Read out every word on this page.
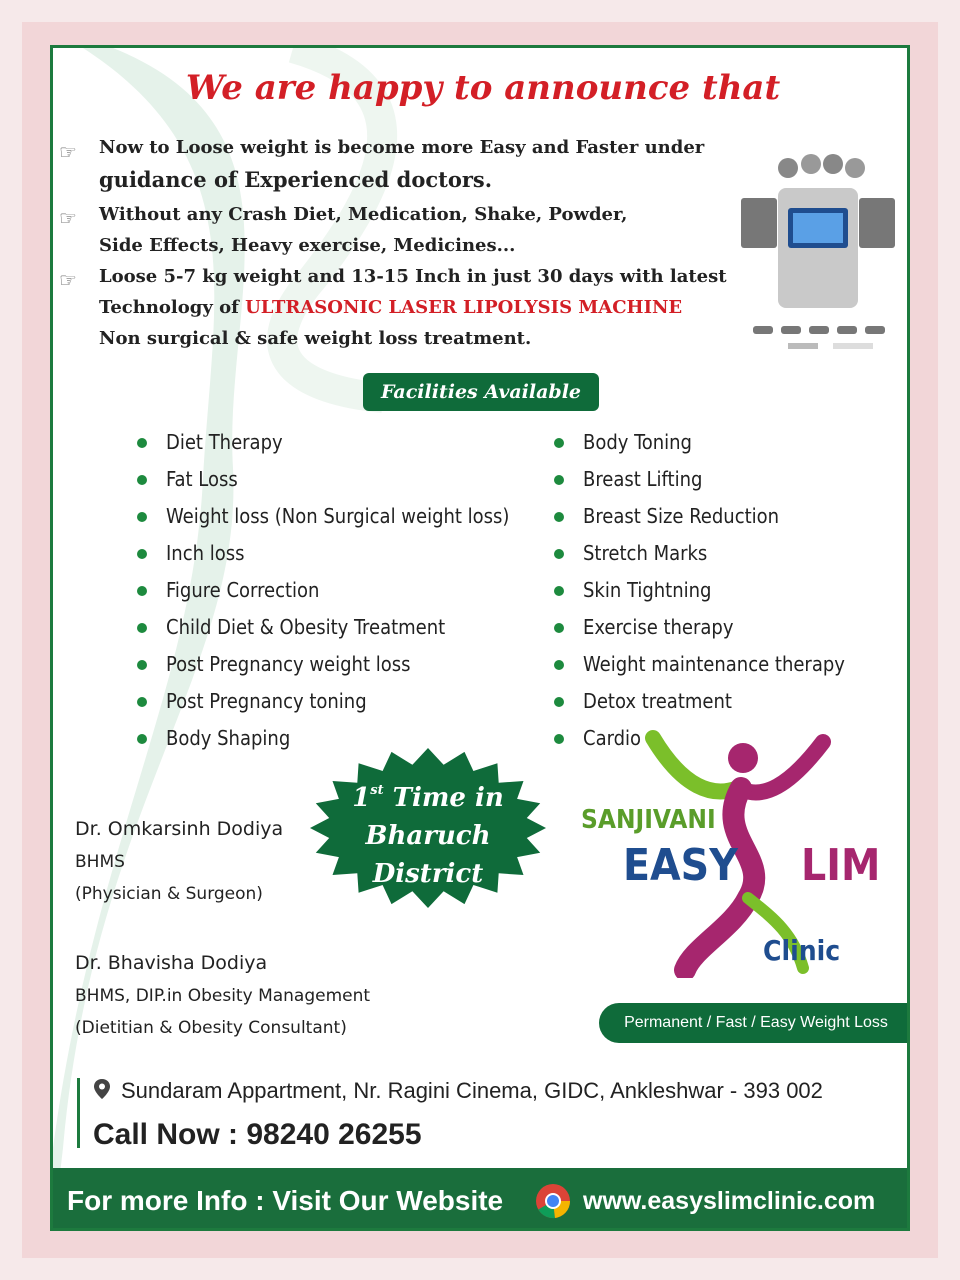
We are happy to announce that
☞ Now to Loose weight is become more Easy and Faster under
guidance of Experienced doctors.
☞ Without any Crash Diet, Medication, Shake, Powder,
Side Effects, Heavy exercise, Medicines...
☞ Loose 5-7 kg weight and 13-15 Inch in just 30 days with latest
Technology of ULTRASONIC LASER LIPOLYSIS MACHINE
Non surgical & safe weight loss treatment.
Facilities Available
Diet Therapy
Fat Loss
Weight loss (Non Surgical weight loss)
Inch loss
Figure Correction
Child Diet & Obesity Treatment
Post Pregnancy weight loss
Post Pregnancy toning
Body Shaping
Body Toning
Breast Lifting
Breast Size Reduction
Stretch Marks
Skin Tightning
Exercise therapy
Weight maintenance therapy
Detox treatment
Cardio
1st Time in
Bharuch
District
Dr. Omkarsinh Dodiya
BHMS
(Physician & Surgeon)
Dr. Bhavisha Dodiya
BHMS, DIP.in Obesity Management
(Dietitian & Obesity Consultant)
SANJIVANI
EASY LIM
Clinic
Permanent / Fast / Easy Weight Loss
Sundaram Appartment, Nr. Ragini Cinema, GIDC, Ankleshwar - 393 002
Call Now : 98240 26255
For more Info : Visit Our Website	www.easyslimclinic.com
